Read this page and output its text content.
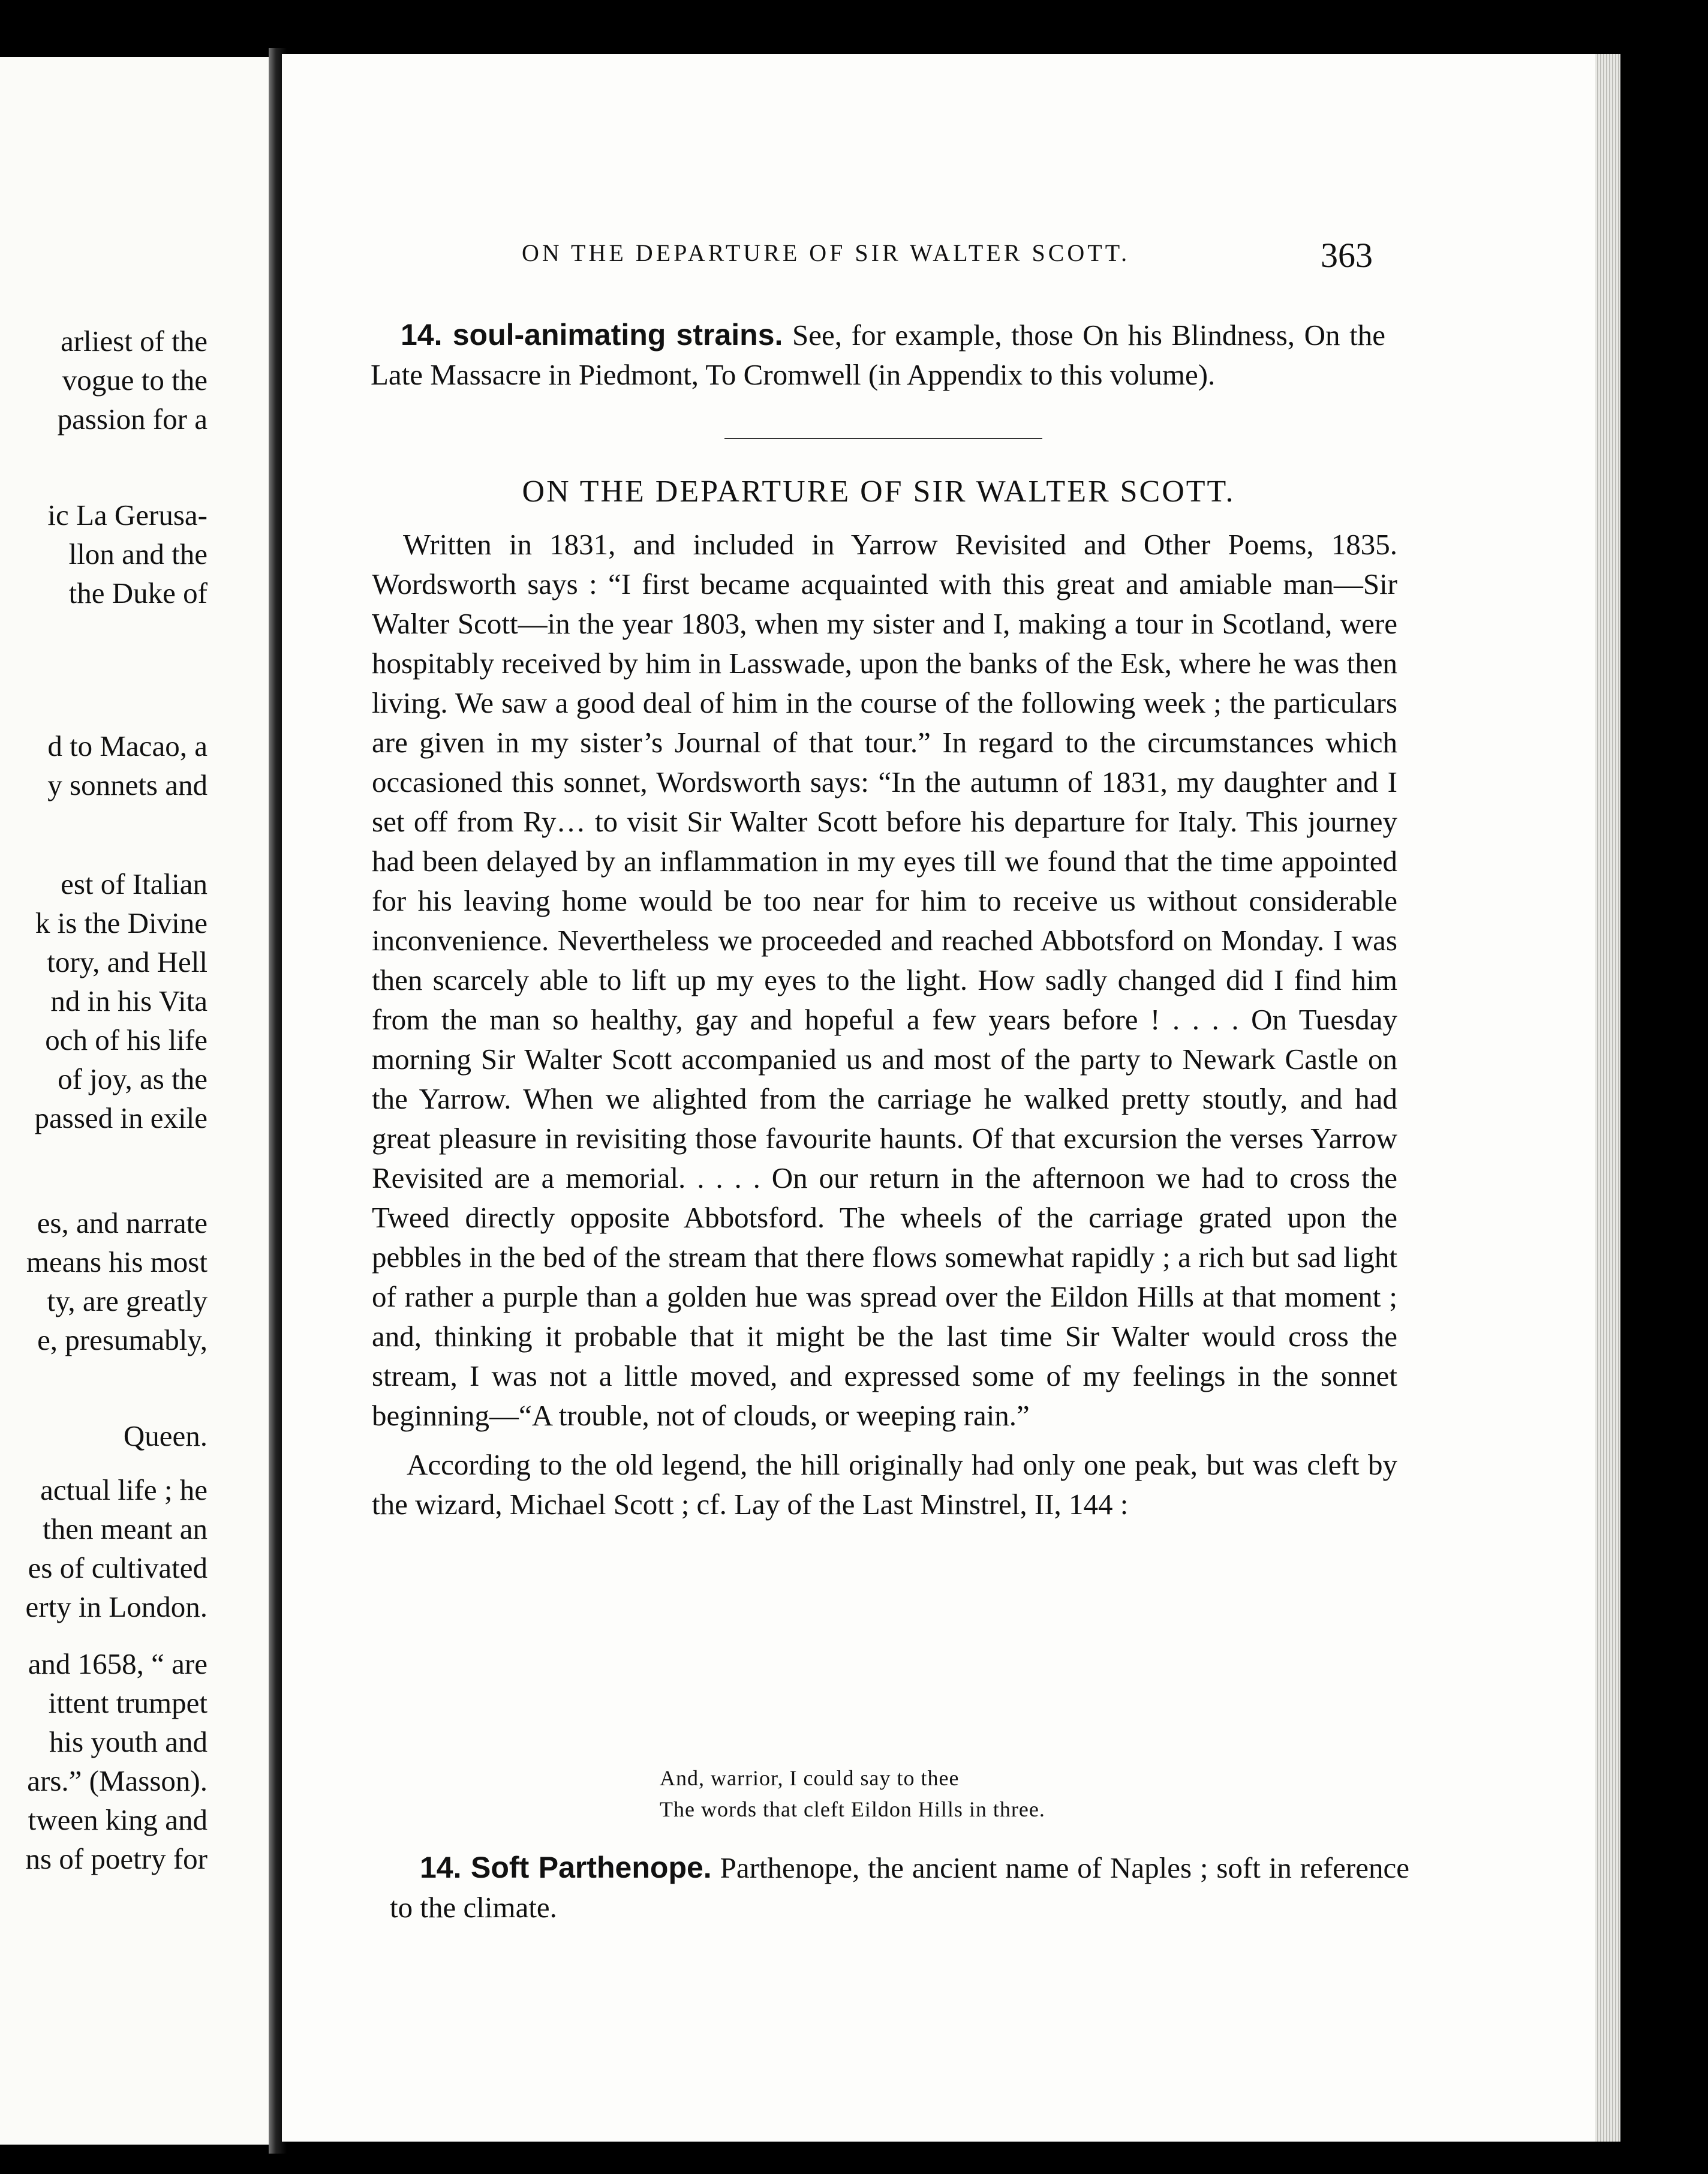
arliest of the
vogue to the
passion for a
ic La Gerusa-
llon and the
the Duke of
d to Macao, a
y sonnets and
est of Italian
k is the Divine
tory, and Hell
nd in his Vita
och of his life
of joy, as the
passed in exile
es, and narrate
means his most
ty, are greatly
e, presumably,
Queen.
actual life ; he
then meant an
es of cultivated
erty in London.
and 1658, “ are
ittent trumpet
his youth and
ars.” (Masson).
tween king and
ns of poetry for
ON THE DEPARTURE OF SIR WALTER SCOTT.	363

14. soul-animating strains. See, for example, those On his Blindness, On the Late Massacre in Piedmont, To Cromwell (in Appendix to this volume).

ON THE DEPARTURE OF SIR WALTER SCOTT.

Written in 1831, and included in Yarrow Revisited and Other Poems, 1835. Wordsworth says : “I first became acquainted with this great and amiable man—Sir Walter Scott—in the year 1803, when my sister and I, making a tour in Scotland, were hospitably received by him in Lasswade, upon the banks of the Esk, where he was then living. We saw a good deal of him in the course of the following week ; the particulars are given in my sister’s Journal of that tour.” In regard to the circumstances which occasioned this sonnet, Wordsworth says: “In the autumn of 1831, my daughter and I set off from Ry… to visit Sir Walter Scott before his departure for Italy. This journey had been delayed by an inflammation in my eyes till we found that the time appointed for his leaving home would be too near for him to receive us without considerable inconvenience. Nevertheless we proceeded and reached Abbotsford on Monday. I was then scarcely able to lift up my eyes to the light. How sadly changed did I find him from the man so healthy, gay and hopeful a few years before ! . . . . On Tuesday morning Sir Walter Scott accompanied us and most of the party to Newark Castle on the Yarrow. When we alighted from the carriage he walked pretty stoutly, and had great pleasure in revisiting those favourite haunts. Of that excursion the verses Yarrow Revisited are a memorial. . . . . On our return in the afternoon we had to cross the Tweed directly opposite Abbotsford. The wheels of the carriage grated upon the pebbles in the bed of the stream that there flows somewhat rapidly ; a rich but sad light of rather a purple than a golden hue was spread over the Eildon Hills at that moment ; and, thinking it probable that it might be the last time Sir Walter would cross the stream, I was not a little moved, and expressed some of my feelings in the sonnet beginning—“A trouble, not of clouds, or weeping rain.”

According to the old legend, the hill originally had only one peak, but was cleft by the wizard, Michael Scott ; cf. Lay of the Last Minstrel, II, 144 :

And, warrior, I could say to thee
The words that cleft Eildon Hills in three.

14. Soft Parthenope. Parthenope, the ancient name of Naples ; soft in reference to the climate.
